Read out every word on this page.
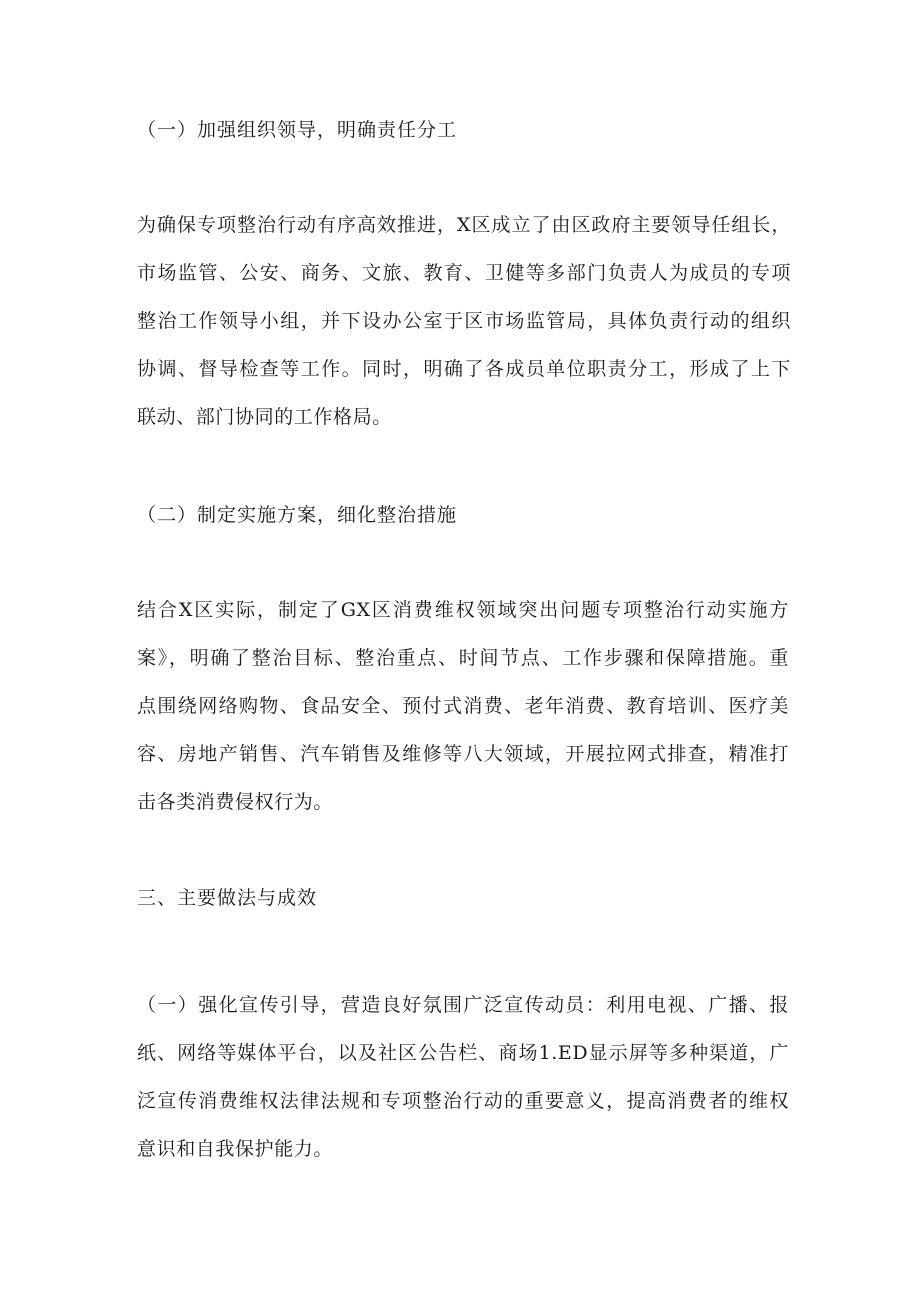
（一）加强组织领导，明确责任分工
为确保专项整治行动有序高效推进，X区成立了由区政府主要领导任组长，
市场监管、公安、商务、文旅、教育、卫健等多部门负责人为成员的专项
整治工作领导小组，并下设办公室于区市场监管局，具体负责行动的组织
协调、督导检查等工作。同时，明确了各成员单位职责分工，形成了上下
联动、部门协同的工作格局。
（二）制定实施方案，细化整治措施
结合X区实际，制定了GX区消费维权领域突出问题专项整治行动实施方
案》，明确了整治目标、整治重点、时间节点、工作步骤和保障措施。重
点围绕网络购物、食品安全、预付式消费、老年消费、教育培训、医疗美
容、房地产销售、汽车销售及维修等八大领域，开展拉网式排查，精准打
击各类消费侵权行为。
三、主要做法与成效
（一）强化宣传引导，营造良好氛围广泛宣传动员：利用电视、广播、报
纸、网络等媒体平台，以及社区公告栏、商场1.ED显示屏等多种渠道，广
泛宣传消费维权法律法规和专项整治行动的重要意义，提高消费者的维权
意识和自我保护能力。
